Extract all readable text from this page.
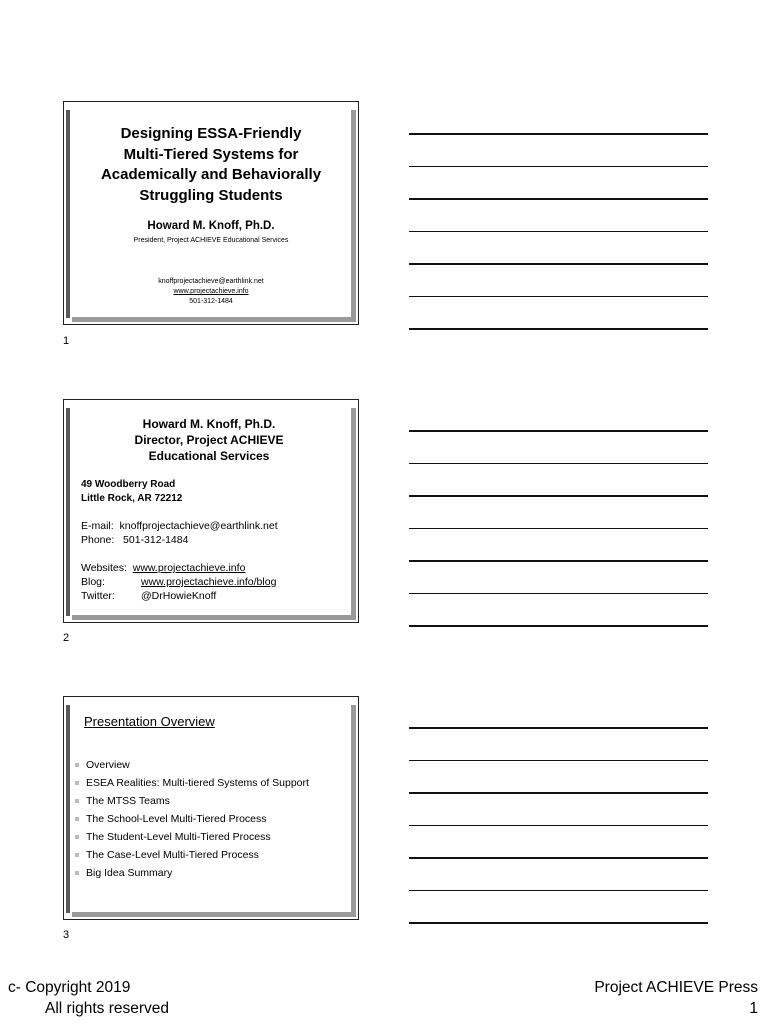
Designing ESSA-Friendly
Multi-Tiered Systems for
Academically and Behaviorally
Struggling Students
Howard M. Knoff, Ph.D.
President, Project ACHIEVE Educational Services
knoffprojectachieve@earthlink.net
www.projectachieve.info
501-312-1484
1
Howard M. Knoff, Ph.D.
Director, Project ACHIEVE
Educational Services
49 Woodberry Road
Little Rock, AR 72212
E-mail:
knoffprojectachieve@earthlink.net
Phone:
501-312-1484
Websites:
www.projectachieve.info
Blog:	www.projectachieve.info/blog
Twitter:	@DrHowieKnoff
2
Presentation Overview
Overview
ESEA Realities: Multi-tiered Systems of Support
The MTSS Teams
The School-Level Multi-Tiered Process
The Student-Level Multi-Tiered Process
The Case-Level Multi-Tiered Process
Big Idea Summary
3
c- Copyright 2019
All rights reserved
Project ACHIEVE Press
1
